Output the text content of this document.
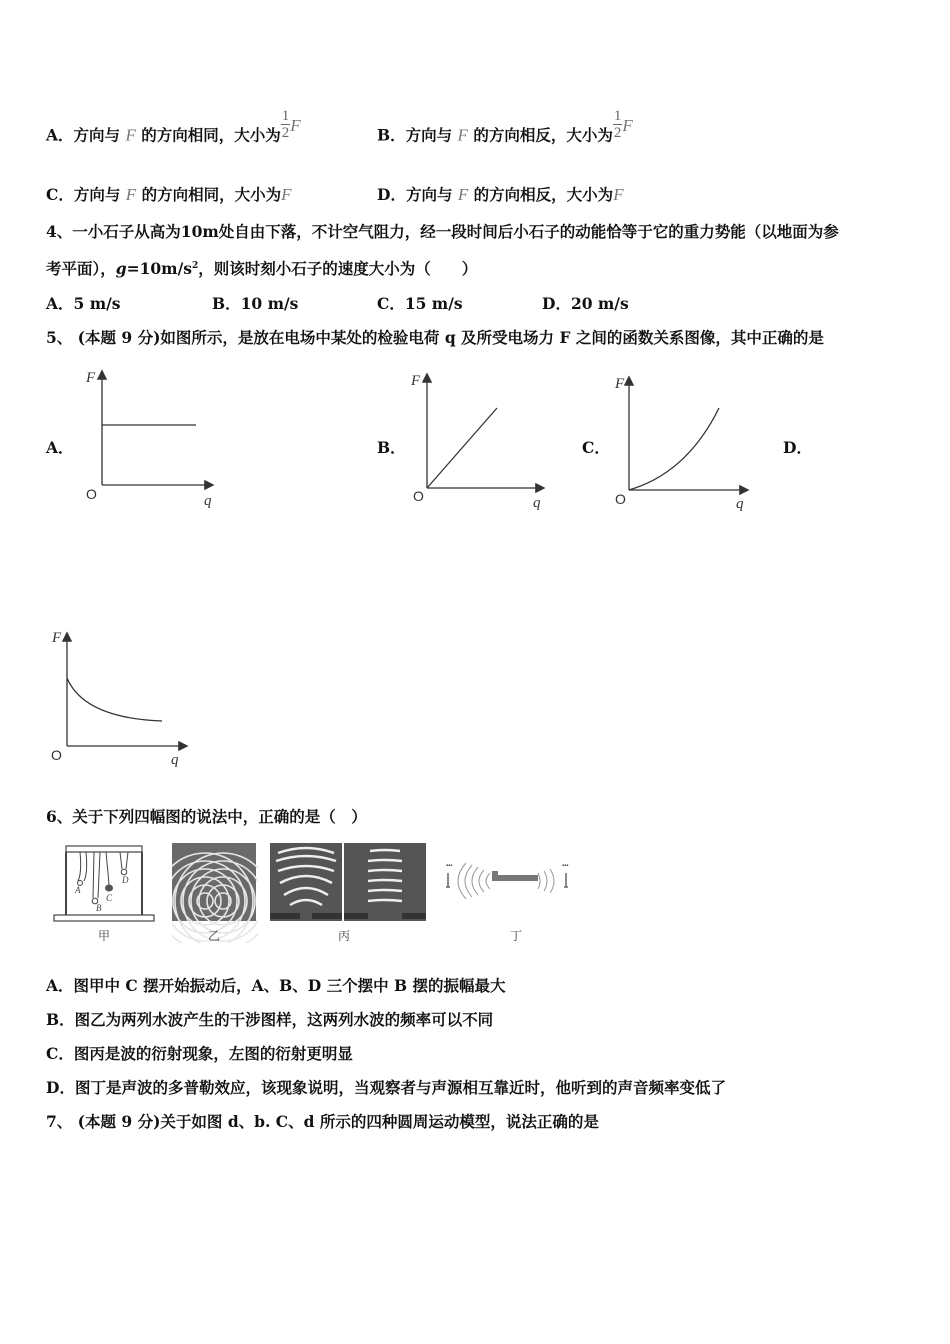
A．方向与 F 的方向相同，大小为 $\frac{1}{2}$ F
B．方向与 F 的方向相反，大小为 $\frac{1}{2}$ F
C．方向与 F 的方向相同，大小为F	D．方向与 F 的方向相反，大小为F
4、一小石子从高为10m处自由下落，不计空气阻力，经一段时间后小石子的动能恰等于它的重力势能（以地面为参
考平面），$g=10m/s^2$，则该时刻小石子的速度大小为（　　）
A．5 m/s	B．10 m/s	C．15 m/s	D．20 m/s
5、 (本题 9 分)如图所示，是放在电场中某处的检验电荷 q 及所受电场力 F 之间的函数关系图像，其中正确的是
A．	B．	C．	D．
F
q
O
F
q
O
F
q
O
F
q
O
6、关于下列四幅图的说法中，正确的是（　）
A
B
C
D
甲	乙	丙
▪▪▪	▪▪▪
丁
A．图甲中 C 摆开始振动后，A、B、D 三个摆中 B 摆的振幅最大
B．图乙为两列水波产生的干涉图样，这两列水波的频率可以不同
C．图丙是波的衍射现象，左图的衍射更明显
D．图丁是声波的多普勒效应，该现象说明，当观察者与声源相互靠近时，他听到的声音频率变低了
7、 (本题 9 分)关于如图 d、b. C、d 所示的四种圆周运动模型，说法正确的是
